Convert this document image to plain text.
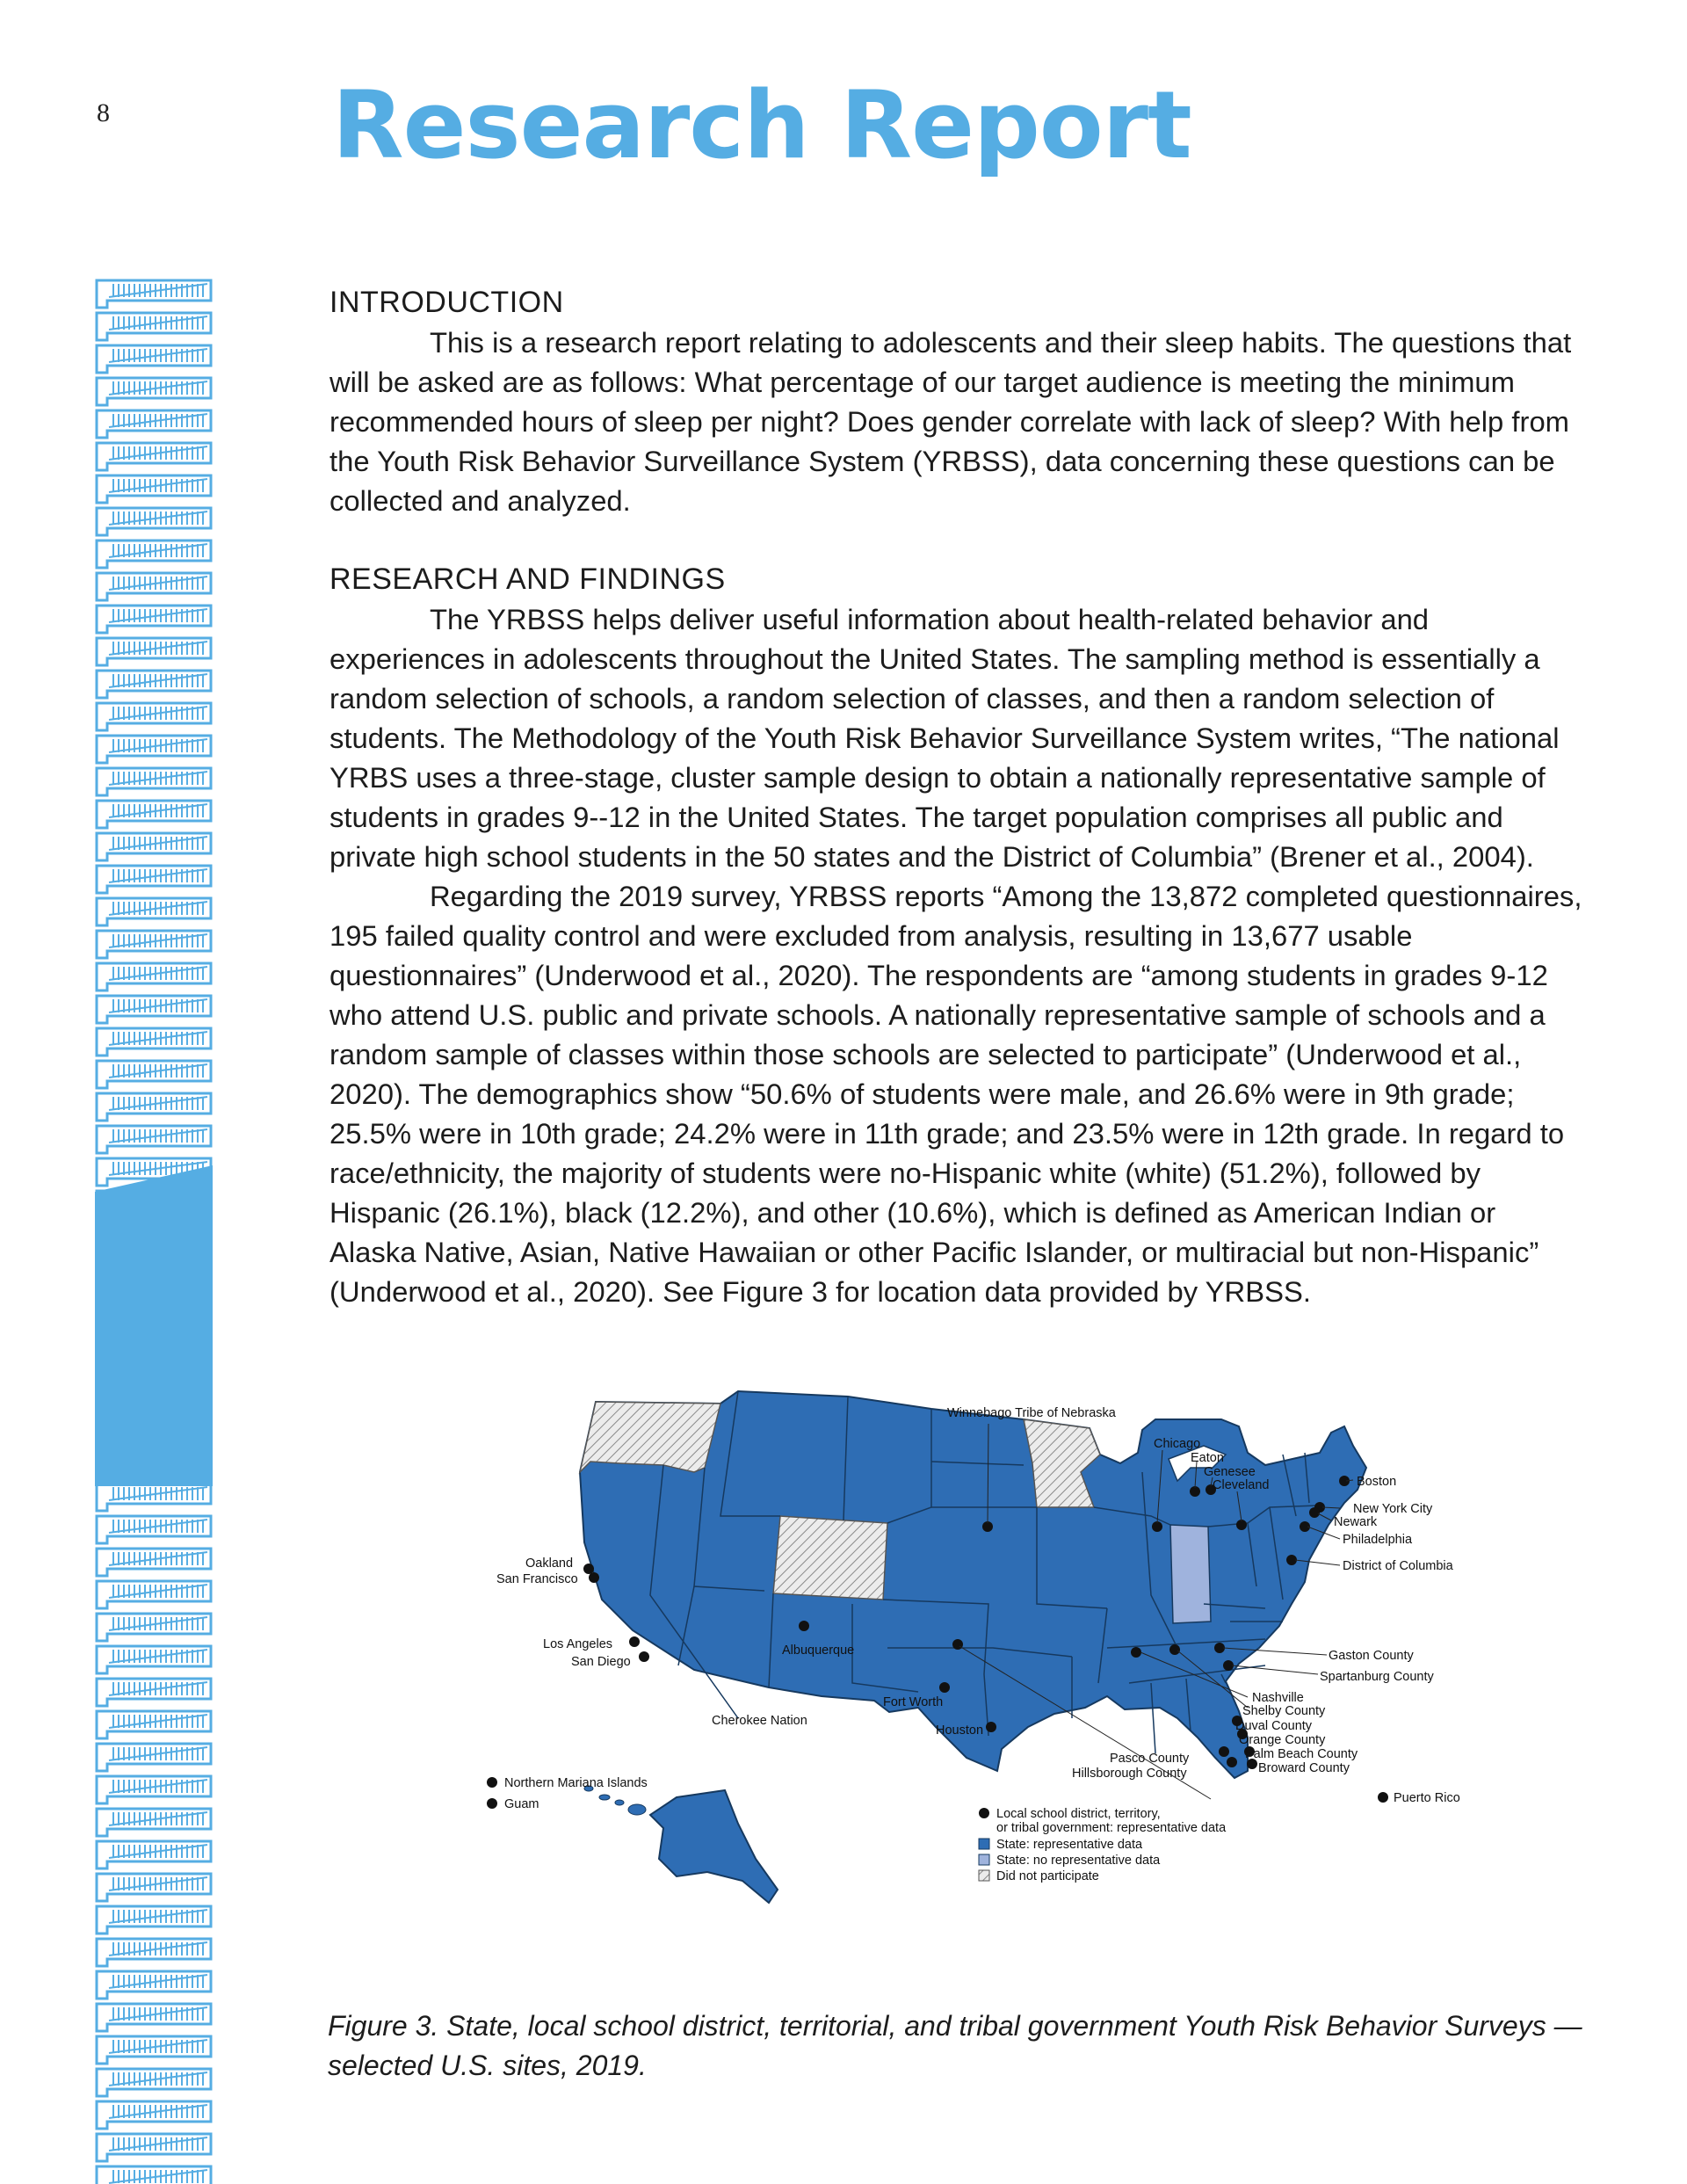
8 Research Report
INTRODUCTION

This is a research report relating to adolescents and their sleep habits. The questions that will be asked are as follows: What percentage of our target audience is meeting the minimum recommended hours of sleep per night? Does gender correlate with lack of sleep? With help from the Youth Risk Behavior Surveillance System (YRBSS), data concerning these questions can be collected and analyzed.

RESEARCH AND FINDINGS

The YRBSS helps deliver useful information about health-related behavior and experiences in adolescents throughout the United States. The sampling method is essentially a random selection of schools, a random selection of classes, and then a random selection of students. The Methodology of the Youth Risk Behavior Surveillance System writes, “The national YRBS uses a three-stage, cluster sample design to obtain a nationally representative sample of students in grades 9--12 in the United States. The target population comprises all public and private high school students in the 50 states and the District of Columbia” (Brener et al., 2004).

Regarding the 2019 survey, YRBSS reports “Among the 13,872 completed questionnaires, 195 failed quality control and were excluded from analysis, resulting in 13,677 usable questionnaires” (Underwood et al., 2020). The respondents are “among students in grades 9-12 who attend U.S. public and private schools. A nationally representative sample of schools and a random sample of classes within those schools are selected to participate” (Underwood et al., 2020). The demographics show “50.6% of students were male, and 26.6% were in 9th grade; 25.5% were in 10th grade; 24.2% were in 11th grade; and 23.5% were in 12th grade. In regard to race/ethnicity, the majority of students were no-Hispanic white (white) (51.2%), followed by Hispanic (26.1%), black (12.2%), and other (10.6%), which is defined as American Indian or Alaska Native, Asian, Native Hawaiian or other Pacific Islander, or multiracial but non-Hispanic” (Underwood et al., 2020). See Figure 3 for location data provided by YRBSS.

Winnebago Tribe of Nebraska
Chicago
Eaton
Genesee
Cleveland	Boston
New York City
Newark
Philadelphia
District of Columbia
Oakland
San Francisco
Los Angeles
San Diego
Albuquerque
Fort Worth
Houston
Cherokee Nation
Gaston County
Spartanburg County
Nashville
Shelby County
Duval County
Orange County
Palm Beach County
Broward County
Pasco County
Hillsborough County
Northern Mariana Islands
Guam	Puerto Rico
Local school district, territory,
or tribal government: representative data
State: representative data
State: no representative data
Did not participate
Figure 3. State, local school district, territorial, and tribal government Youth Risk Behavior Surveys —
selected U.S. sites, 2019.
